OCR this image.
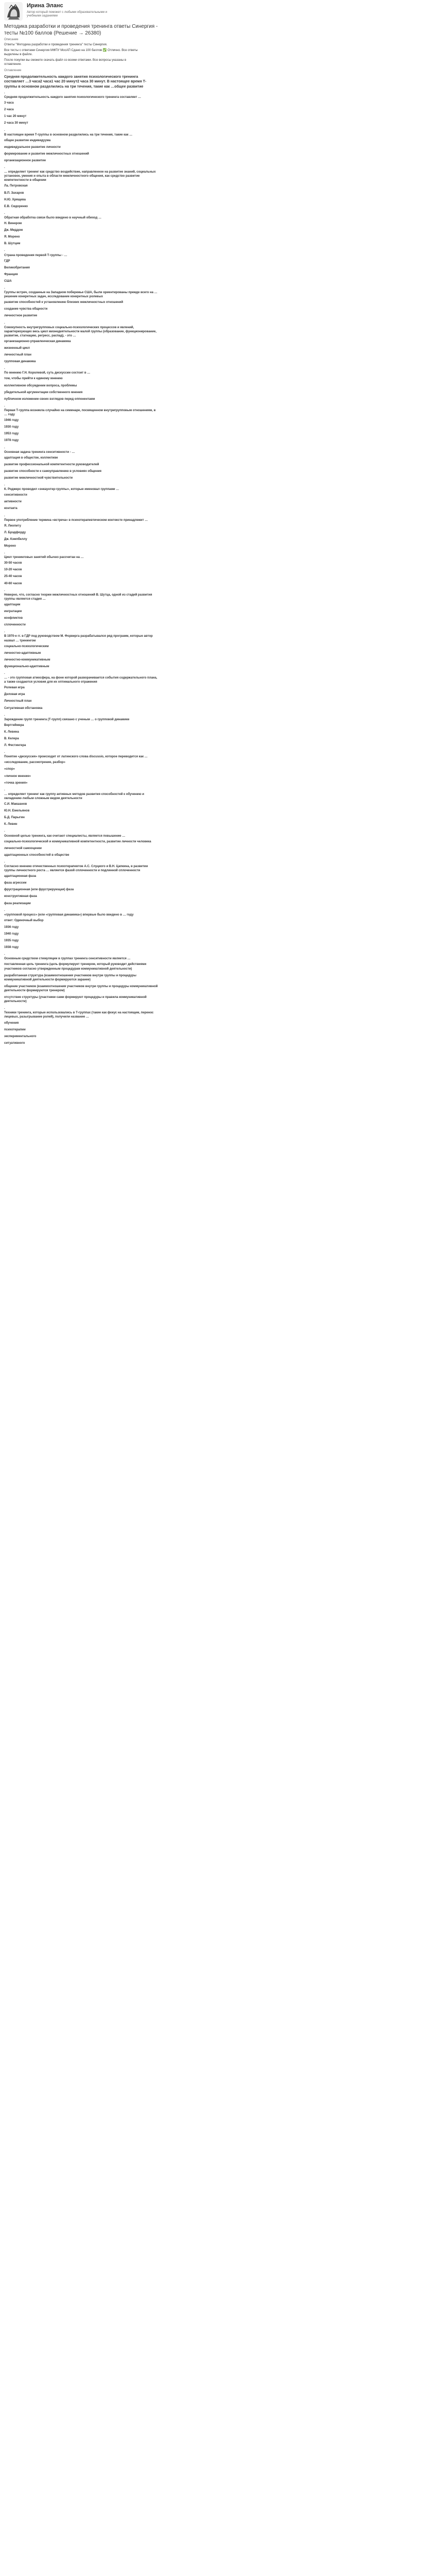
Ирина Эланс
Автор который поможет с любыми образовательными и учебными заданиями
Методика разработки и проведения тренинга ответы Синергия - тесты №100 баллов (Решение → 26380)
Описание
Ответы "Методика разработки и проведения тренинга" тесты Синергия.
Все тесты с ответами Синергия МФПУ МосАП Сдано на 100 баллов ✅ Отлично. Все ответы выделены в файле.
После покупки вы сможете скачать файл со всеми ответами. Все вопросы указаны в оглавлении.
Оглавление
Средняя продолжительность каждого занятия психологического тренинга составляет …3 часа2 часа1 час 20 минут2 часа 30 минут. В настоящее время Т-группы в основном разделились на три течения, такие как …общее развитие
.
Средняя продолжительность каждого занятия психологического тренинга составляет …
3 часа
2 часа
1 час 20 минут
2 часа 30 минут
.
В настоящее время Т-группы в основном разделились на три течения, такие как …
общее развитие индивидуума
индивидуальное развитие личности
формирование и развитие межличностных отношений
организационное развитие
.
… определяет тренинг как средство воздействие, направленное на развитие знаний, социальных установок, умения и опыта в области межличностного общения, как средство развитие компетентности в общении
Ла. Петровская
В.П. Захаров
Н.Ю. Хрящева
Е.В. Сидоренко
.
Обратная обработка связи было введено в научный обиход …
Н. Винером
Дж. Миддом
Я. Морено
В. Шутцем
.
Страна проведения первой Т-группы - …
ГДР
Великобритания
Франция
США
.
Группы встреч, созданные на Западном побережье США, были ориентированы прежде всего на … решение конкретных задач, исследование конкретных ролевых
развитие способностей к установлению близких межличностных отношений
создание чувства общности
личностное развитие
.
Совокупность внутригрупповых социально-психологических процессов и явлений, характеризующих весь цикл жизнедеятельности малой группы (образование, функционирование, развитие, стагнацию, регресс, распад), - это …
организационно-управленческая динамика
жизненный цикл
личностный план
групповая динамика
.
По мнению Г.Н. Королевой, суть дискуссии состоит в …
том, чтобы прийти к единому мнению
коллективном обсуждении вопроса, проблемы
убедительной аргументации собственного мнения
публичном изложении своих взглядов перед оппонентами
.
Первая Т-группа возникла случайно на семинаре, посвященном внутригрупповым отношениям, в … году
1946 году
1930 году
1953 году
1978 году
.
Основная задача тренинга сенситивности - …
адаптация в обществе, коллективе
развитие профессиональной компетентности руководителей
развитие способности к самоуправлению в условиях общения
развитие межличностной чувствительности
.
К. Роджерс проводил «энкаунтер-группы», которые именовал группами …
сенситивности
активности
контакта
.
Первое употребление термина «встреча» в психотерапевтическом контексте принадлежит …
Я. Лиопиту
Л. Брэдфорду
Дж. Кэмпбеллу
Морено
.
Цикл тренинговых занятий обычно рассчитан на …
30-50 часов
10-20 часов
25-40 часов
40-60 часов
.
Неверно, что, согласно теории межличностных отношений В. Шутца, одной из стадий развития группы является стадия …
адаптации
ингратации
конфликтов
сплоченности
.
В 1970-е гг. в ГДР под руководством М. Форверга разрабатывался ряд программ, которые автор назвал … тренингом
социально-психологическим
личностно-адаптивным
личностно-коммуникативным
функционально-адаптивным
.
… - это групповая атмосфера, на фоне которой разворачивается события содержательного плана, а также создаются условия для их оптимального отражения
Ролевая игра
Деловая игра
Личностный план
Ситуативная обстановка
.
Зарождение групп тренинга (Т-групп) связано с ученым … о групповой динамике
Вертгеймера
К. Левина
В. Келера
Л. Фестингера
.
Понятие «дискуссия» происходит от латинского слова discussio, которое переводится как …
«исследование, рассмотрение, разбор»
«спор»
«личное мнение»
«точка зрения»
.
… определяет тренинг как группу активных методов развития способностей к обучению и овладению любым сложным видом деятельности
С.И. Макшанов
Ю.Н. Емельянов
Б.Д. Парыгин
К. Левин
.
Основной целью тренинга, как считают специалисты, является повышение …
социально-психологической и коммуникативной компетентности, развитие личности человека
личностной самооценки
адаптационных способностей в обществе
.
Согласно мнению отечественных психотерапевтов А.С. Слуцкого и В.Н. Цапкина, в развитии группы личностного роста … является фазой сплоченности и подлинной сплоченности
адаптационная фаза
фаза агрессии
фрустрационная (или фрустрирующая) фаза
конструктивная фаза
фаза реализации
.
«групповой процесс» (или «групповая динамика») впервые было введено в … году
ответ: Одиночный выбор
1936 году
1940 году
1935 году
1938 году
.
Основным средством стимуляции в группах тренинга сенситивности является …
поставленная цель тренинга (цель формулирует тренером, который руководит действиями участников согласно утвержденным процедурам коммуникативной деятельности)
разработанная структура (взаимоотношения участников внутри группы и процедуры коммуникативной деятельности формируются заранее)
общение участников (взаимоотношения участников внутри группы и процедуры коммуникативной деятельности формируются тренером)
отсутствие структуры (участники сами формируют процедуры и правила коммуникативной деятельности)
.
Техники тренинга, которые использовались в Т-группах (такие как фокус на настоящем, перенос лицевых, разыгрывание ролей), получили название …
обучения
психотерапии
экспериментального
ситуативного
